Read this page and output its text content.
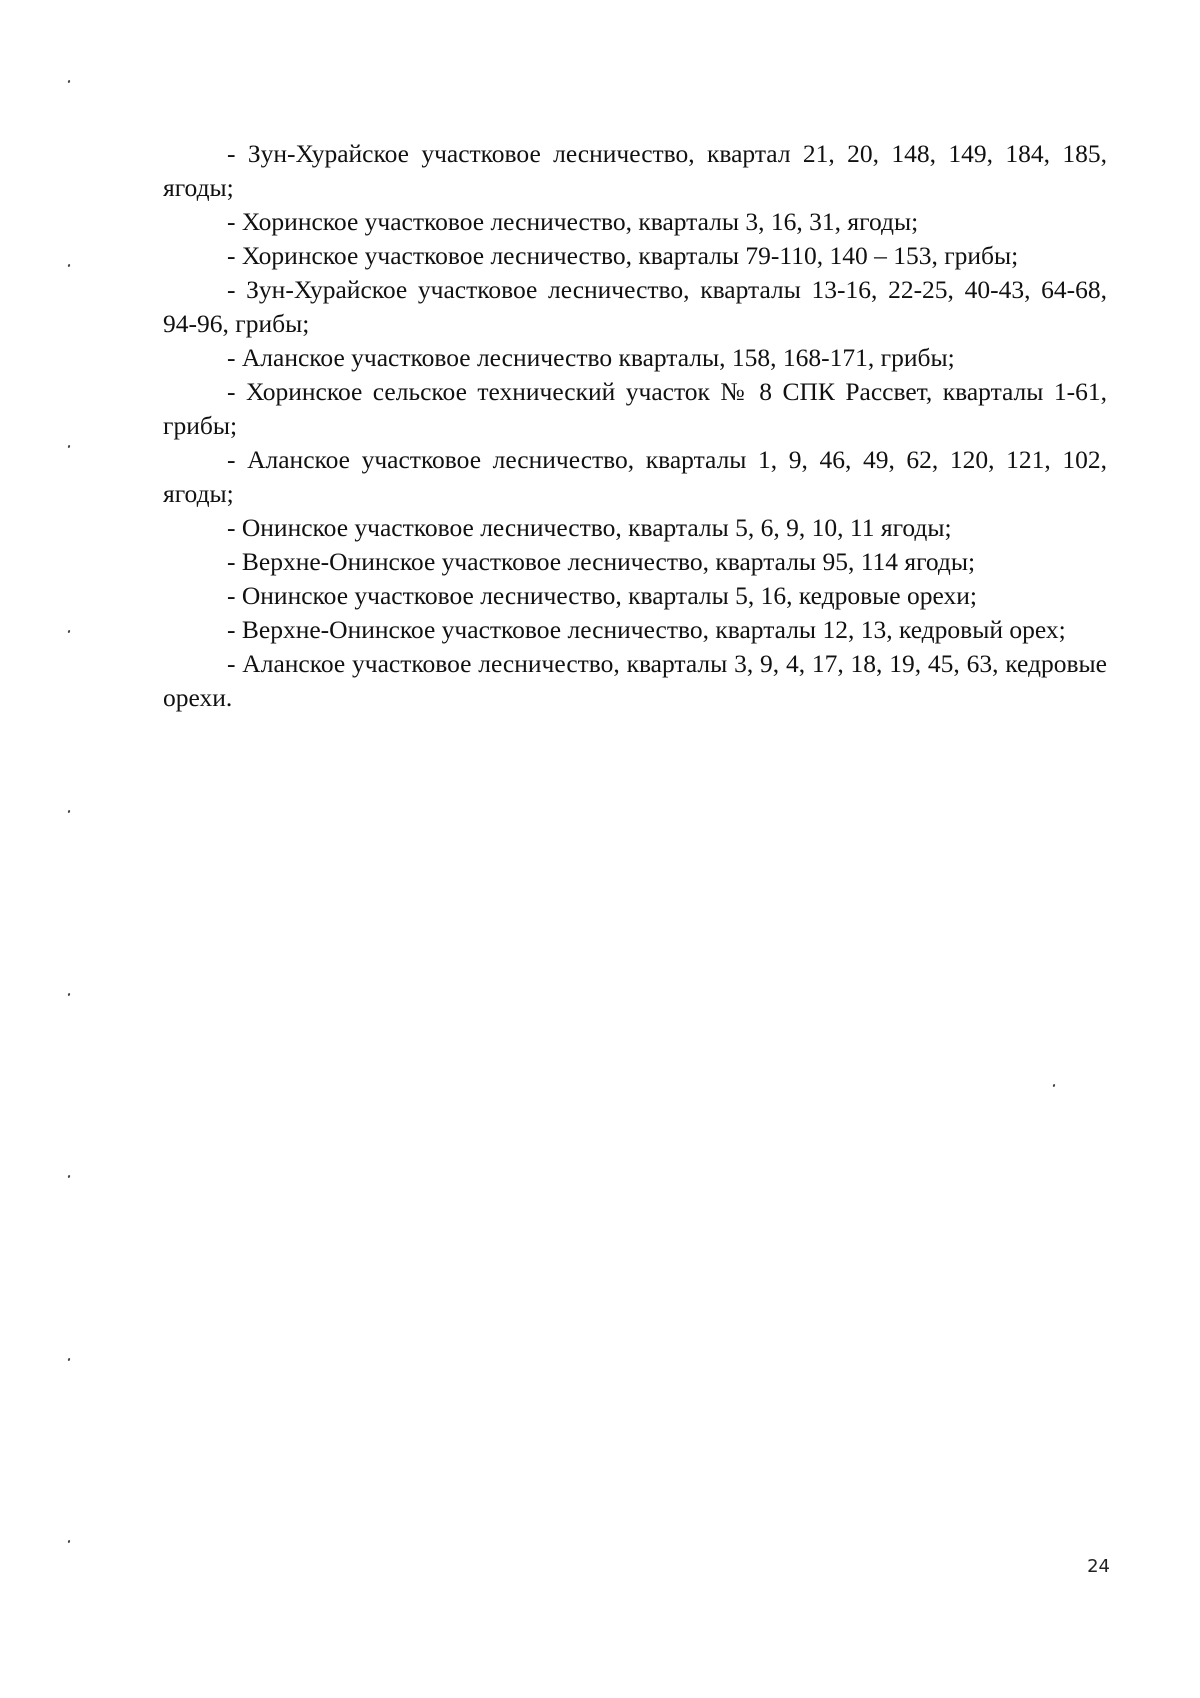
- Зун-Хурайское участковое лесничество, квартал 21, 20, 148, 149, 184, 185, ягоды;

- Хоринское участковое лесничество, кварталы 3, 16, 31, ягоды;

- Хоринское участковое лесничество, кварталы 79-110, 140 – 153, грибы;

- Зун-Хурайское участковое лесничество, кварталы 13-16, 22-25, 40-43, 64-68, 94-96, грибы;

- Аланское участковое лесничество кварталы, 158, 168-171, грибы;

- Хоринское сельское технический участок № 8 СПК Рассвет, кварталы 1-61, грибы;

- Аланское участковое лесничество, кварталы 1, 9, 46, 49, 62, 120, 121, 102, ягоды;

- Онинское участковое лесничество, кварталы 5, 6, 9, 10, 11 ягоды;

- Верхне-Онинское участковое лесничество, кварталы 95, 114 ягоды;

- Онинское участковое лесничество, кварталы 5, 16, кедровые орехи;

- Верхне-Онинское участковое лесничество, кварталы 12, 13, кедровый орех;

- Аланское участковое лесничество, кварталы 3, 9, 4, 17, 18, 19, 45, 63, кедровые орехи.

24
